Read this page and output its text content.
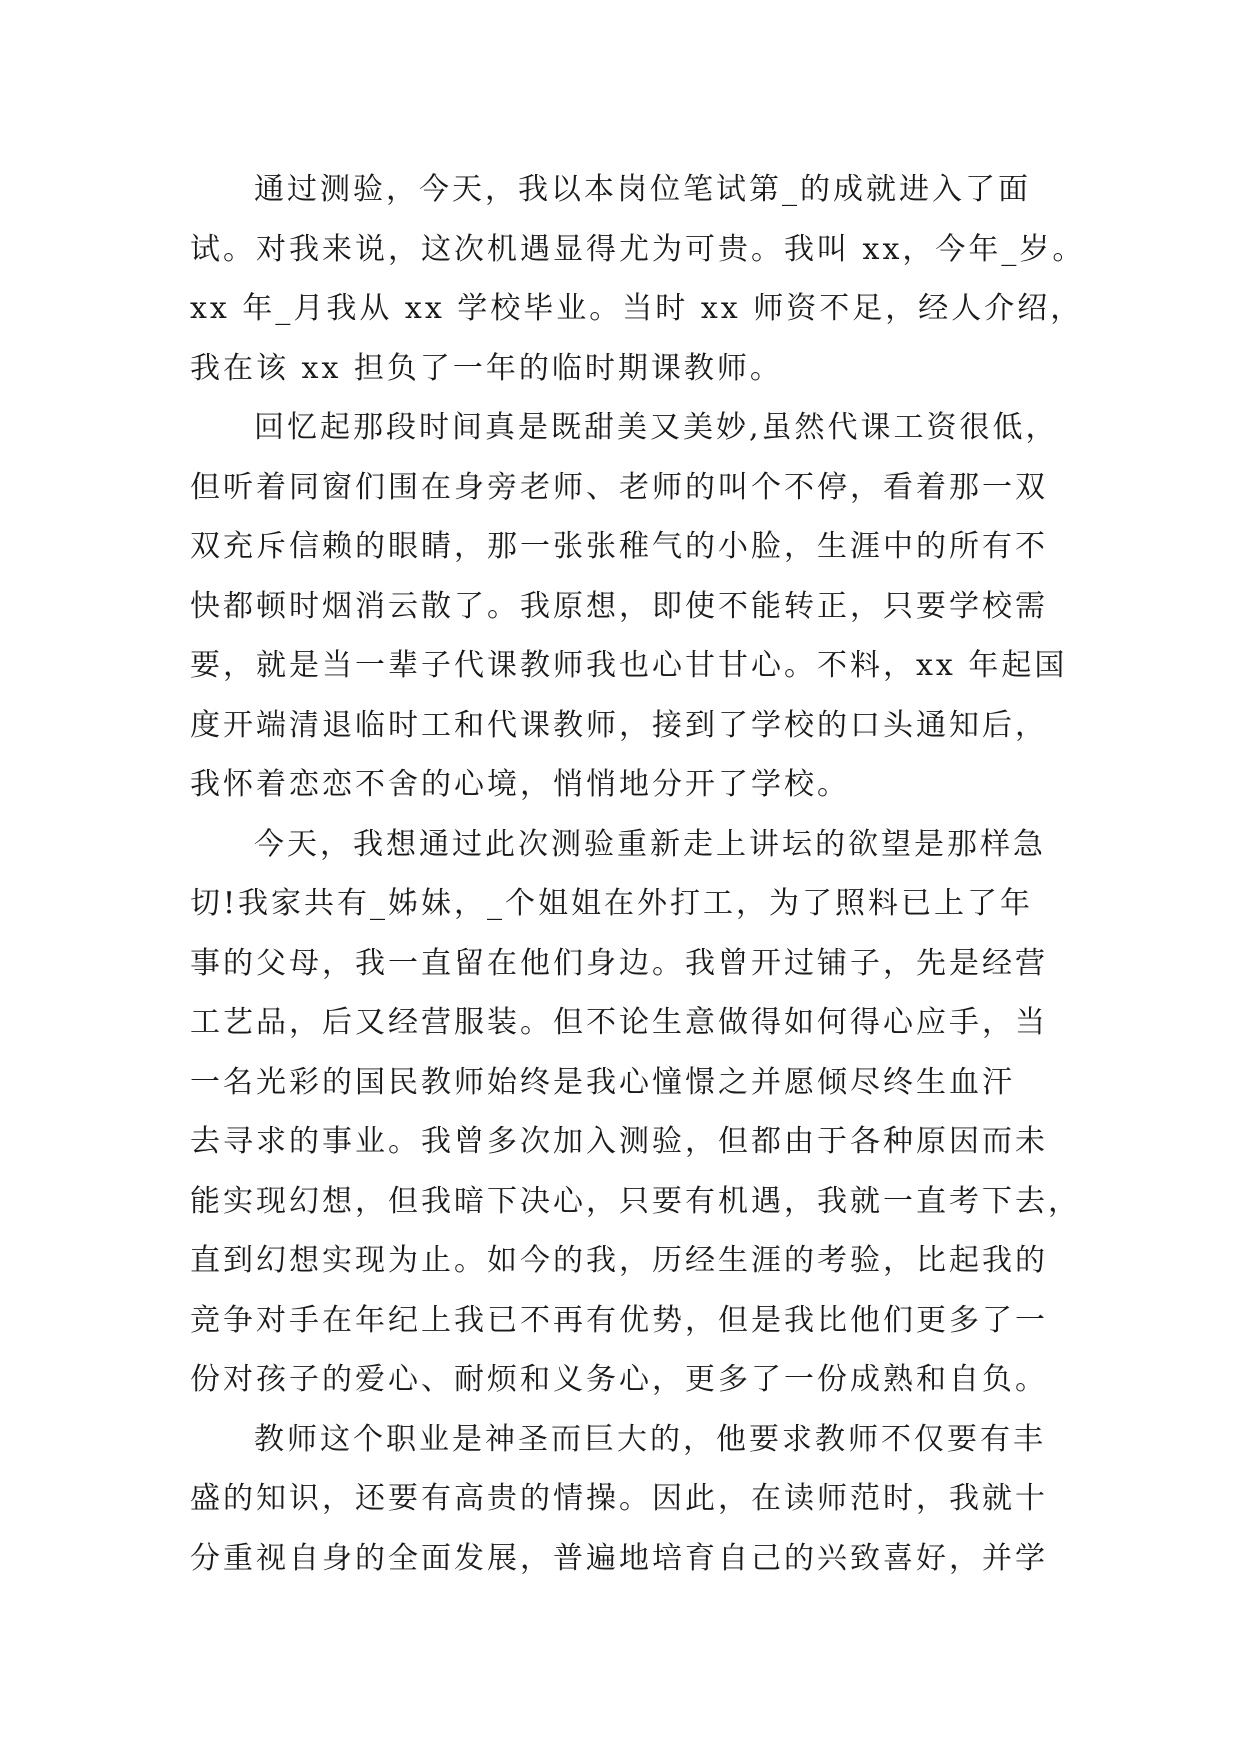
通过测验，今天，我以本岗位笔试第_的成就进入了面
试。对我来说，这次机遇显得尤为可贵。我叫 xx，今年_岁。
xx 年_月我从 xx 学校毕业。当时 xx 师资不足，经人介绍，
我在该 xx 担负了一年的临时期课教师。
回忆起那段时间真是既甜美又美妙,虽然代课工资很低，
但听着同窗们围在身旁老师、老师的叫个不停，看着那一双
双充斥信赖的眼睛，那一张张稚气的小脸，生涯中的所有不
快都顿时烟消云散了。我原想，即使不能转正，只要学校需
要，就是当一辈子代课教师我也心甘甘心。不料，xx 年起国
度开端清退临时工和代课教师，接到了学校的口头通知后，
我怀着恋恋不舍的心境，悄悄地分开了学校。
今天，我想通过此次测验重新走上讲坛的欲望是那样急
切!我家共有_姊妹，_个姐姐在外打工，为了照料已上了年
事的父母，我一直留在他们身边。我曾开过铺子，先是经营
工艺品，后又经营服装。但不论生意做得如何得心应手，当
一名光彩的国民教师始终是我心憧憬之并愿倾尽终生血汗
去寻求的事业。我曾多次加入测验，但都由于各种原因而未
能实现幻想，但我暗下决心，只要有机遇，我就一直考下去，
直到幻想实现为止。如今的我，历经生涯的考验，比起我的
竞争对手在年纪上我已不再有优势，但是我比他们更多了一
份对孩子的爱心、耐烦和义务心，更多了一份成熟和自负。
教师这个职业是神圣而巨大的，他要求教师不仅要有丰
盛的知识，还要有高贵的情操。因此，在读师范时，我就十
分重视自身的全面发展，普遍地培育自己的兴致喜好，并学
